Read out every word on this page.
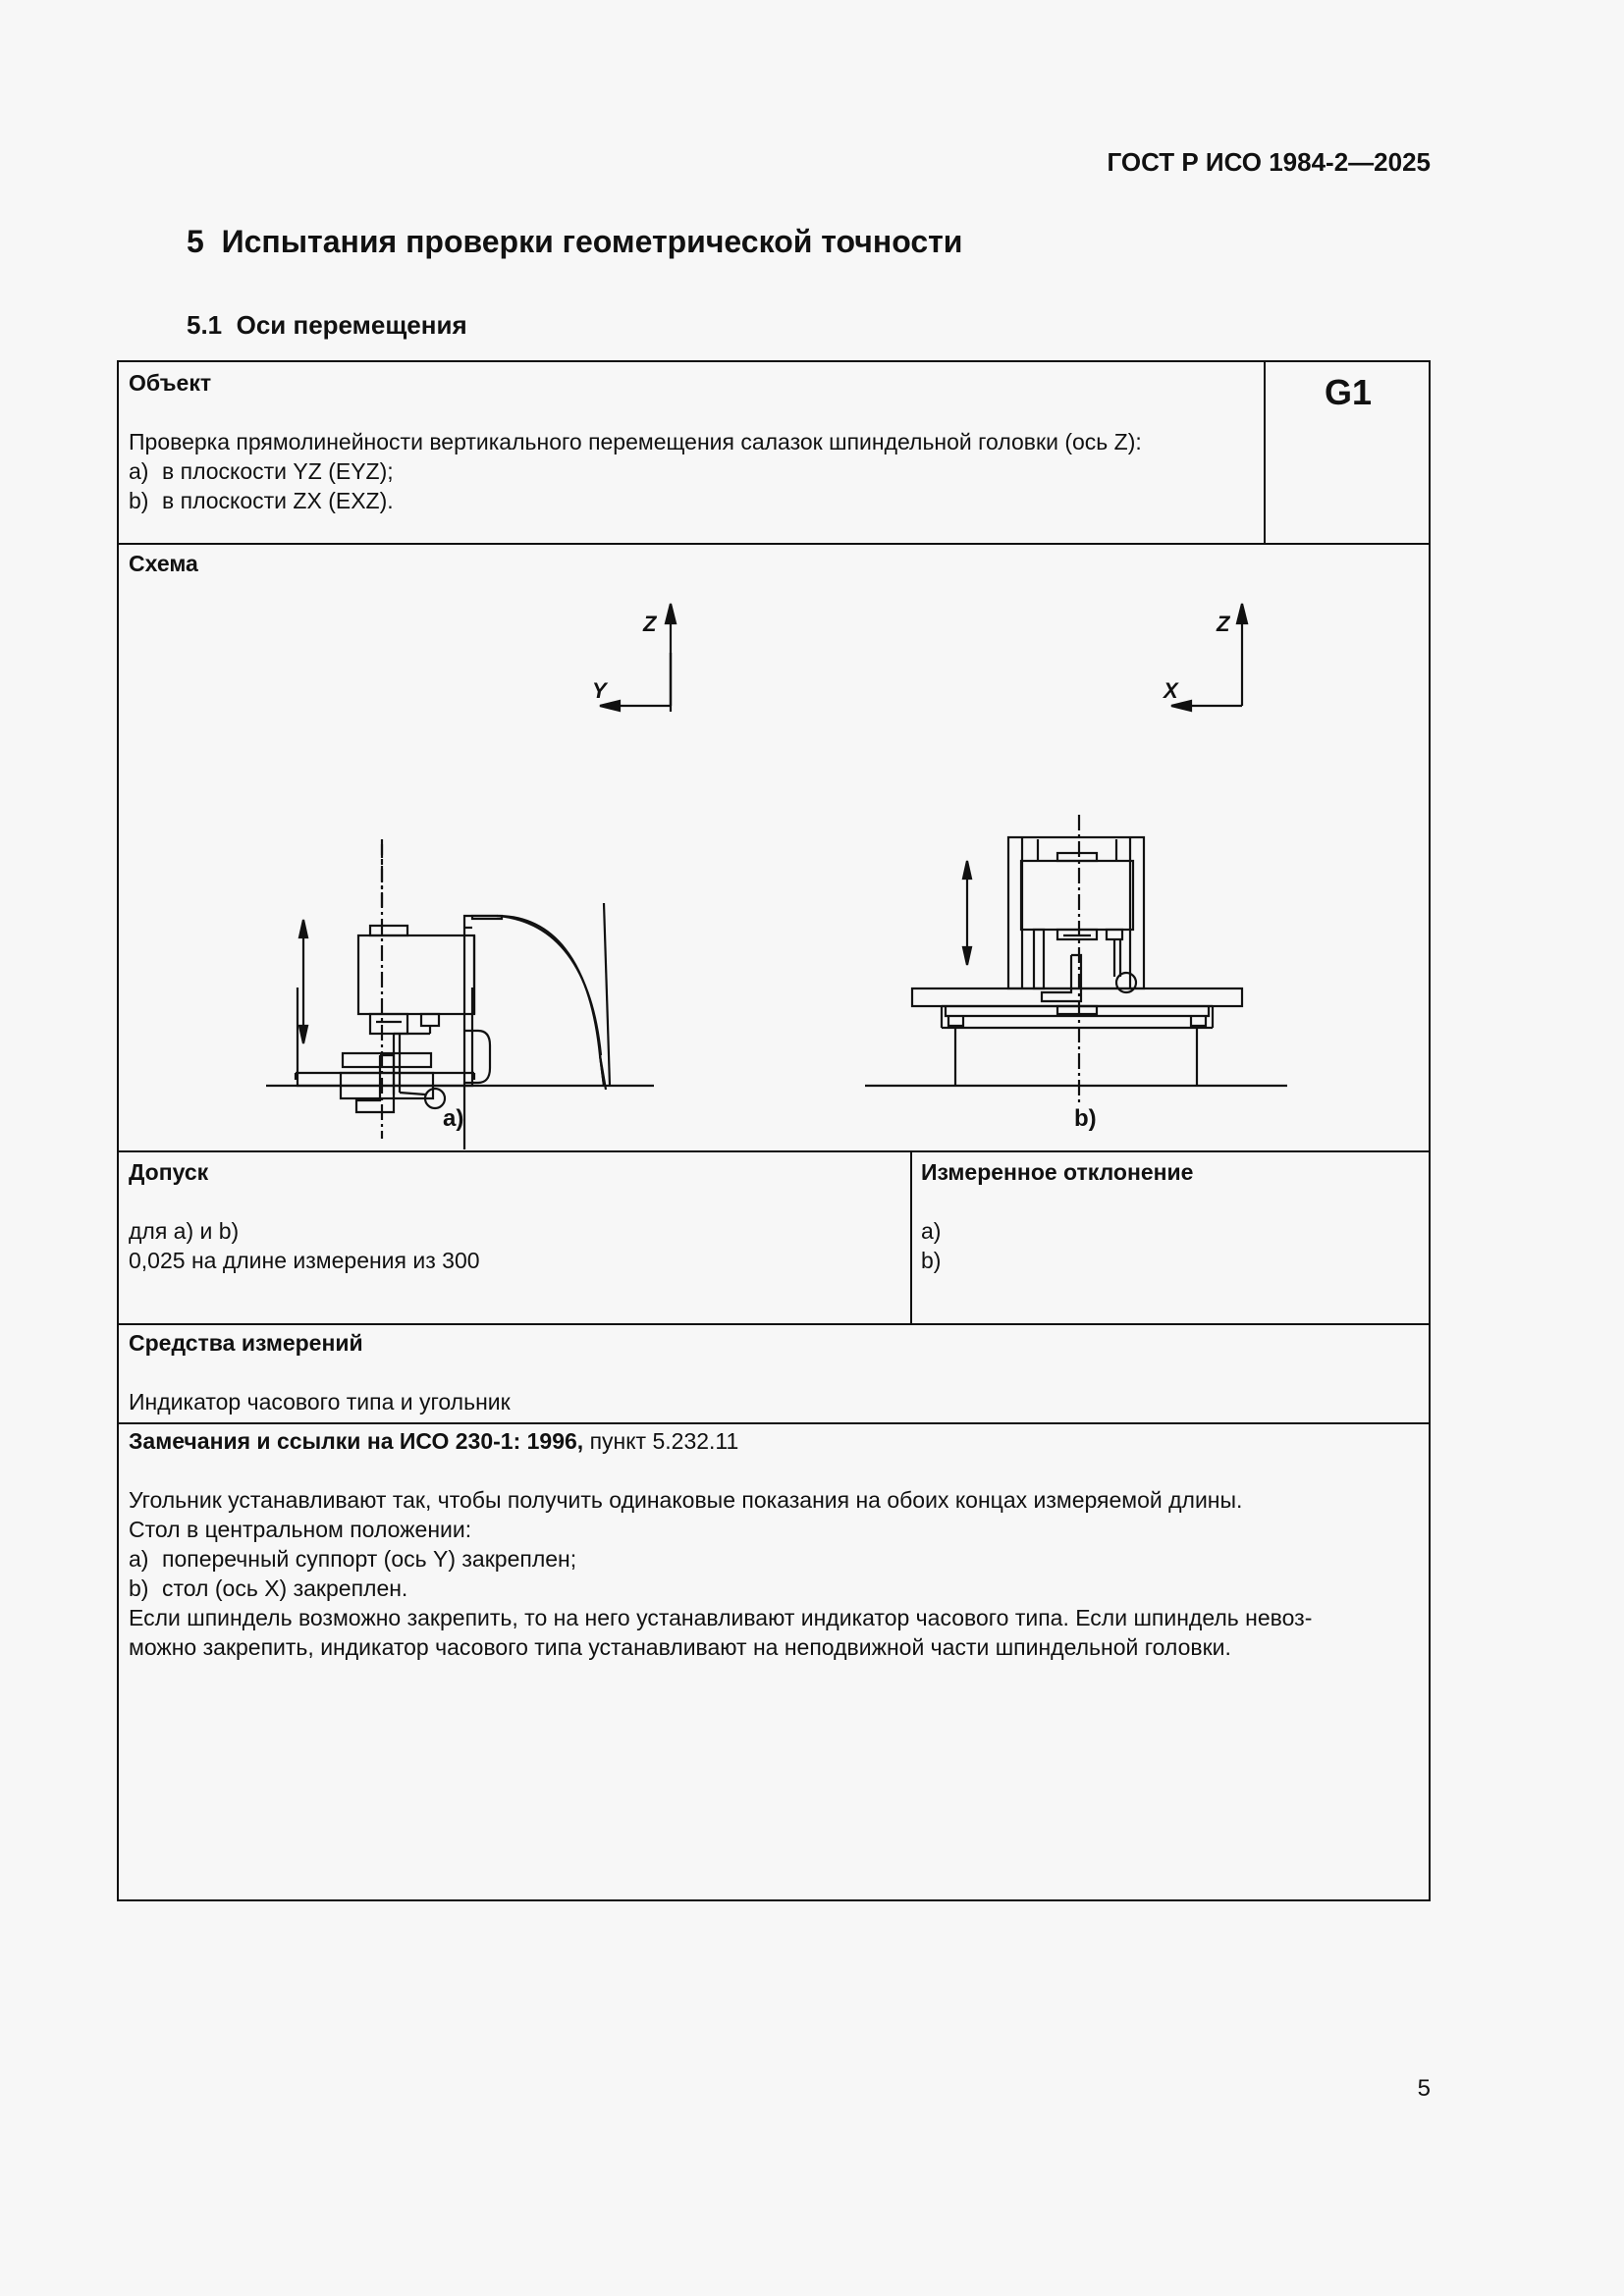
ГОСТ Р ИСО 1984-2—2025
5 Испытания проверки геометрической точности
5.1 Оси перемещения
Объект
Проверка прямолинейности вертикального перемещения салазок шпиндельной головки (ось Z):
a) в плоскости YZ (EYZ);
b) в плоскости ZX (EXZ).
G1
Схема
Z
Y
Z
X
a)	b)
Допуск
для a) и b)
0,025 на длине измерения из 300
Измеренное отклонение
a)
b)
Средства измерений
Индикатор часового типа и угольник
Замечания и ссылки на ИСО 230-1: 1996, пункт 5.232.11
Угольник устанавливают так, чтобы получить одинаковые показания на обоих концах измеряемой длины.
Стол в центральном положении:
a) поперечный суппорт (ось Y) закреплен;
b) стол (ось X) закреплен.
Если шпиндель возможно закрепить, то на него устанавливают индикатор часового типа. Если шпиндель невоз-
можно закрепить, индикатор часового типа устанавливают на неподвижной части шпиндельной головки.
5
